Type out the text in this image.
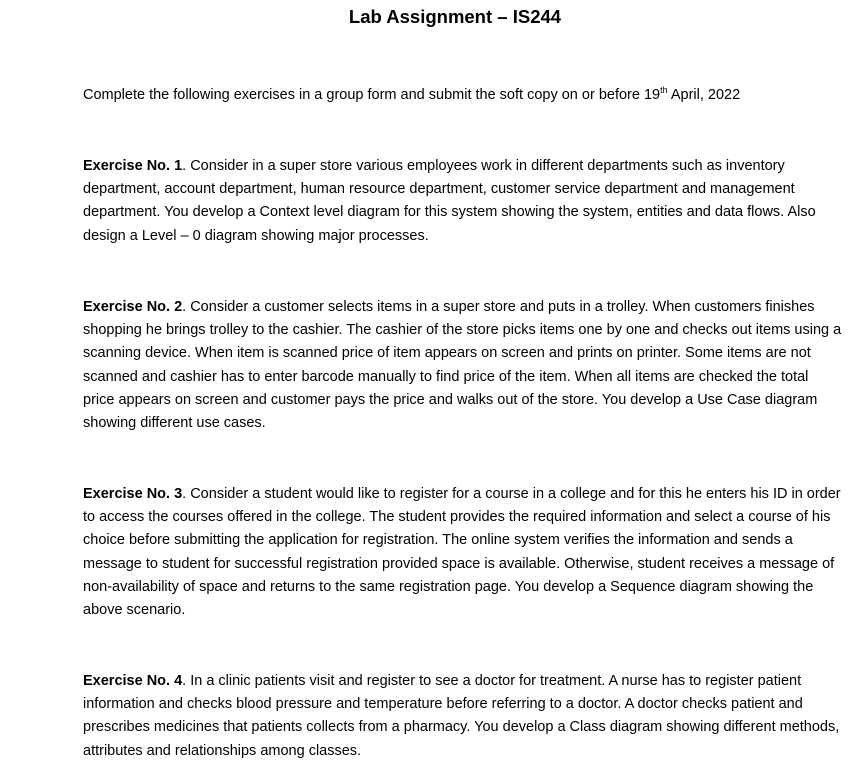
Lab Assignment – IS244
Complete the following exercises in a group form and submit the soft copy on or before 19th April, 2022
Exercise No. 1. Consider in a super store various employees work in different departments such as inventory department, account department, human resource department, customer service department and management department. You develop a Context level diagram for this system showing the system, entities and data flows. Also design a Level – 0 diagram showing major processes.
Exercise No. 2. Consider a customer selects items in a super store and puts in a trolley. When customers finishes shopping he brings trolley to the cashier. The cashier of the store picks items one by one and checks out items using a scanning device. When item is scanned price of item appears on screen and prints on printer. Some items are not scanned and cashier has to enter barcode manually to find price of the item. When all items are checked the total price appears on screen and customer pays the price and walks out of the store. You develop a Use Case diagram showing different use cases.
Exercise No. 3. Consider a student would like to register for a course in a college and for this he enters his ID in order to access the courses offered in the college. The student provides the required information and select a course of his choice before submitting the application for registration. The online system verifies the information and sends a message to student for successful registration provided space is available. Otherwise, student receives a message of non-availability of space and returns to the same registration page. You develop a Sequence diagram showing the above scenario.
Exercise No. 4. In a clinic patients visit and register to see a doctor for treatment. A nurse has to register patient information and checks blood pressure and temperature before referring to a doctor. A doctor checks patient and prescribes medicines that patients collects from a pharmacy. You develop a Class diagram showing different methods, attributes and relationships among classes.
